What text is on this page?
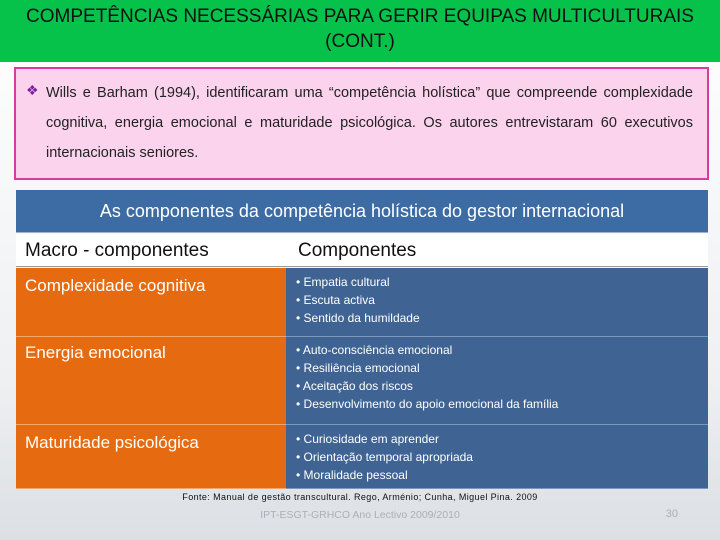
COMPETÊNCIAS NECESSÁRIAS PARA GERIR EQUIPAS MULTICULTURAIS
(CONT.)
❖ Wills e Barham (1994), identificaram uma “competência holística” que compreende complexidade cognitiva, energia emocional e maturidade psicológica. Os autores entrevistaram 60 executivos internacionais seniores.

As componentes da competência holística do gestor internacional
Macro - componentes	Componentes
Complexidade cognitiva	• Empatia cultural
• Escuta activa
• Sentido da humildade
Energia emocional	• Auto-consciência emocional
• Resiliência emocional
• Aceitação dos riscos
• Desenvolvimento do apoio emocional da família
Maturidade psicológica	• Curiosidade em aprender
• Orientação temporal apropriada
• Moralidade pessoal
Fonte: Manual de gestão transcultural. Rego, Arménio; Cunha, Miguel Pina. 2009
IPT-ESGT-GRHCO Ano Lectivo 2009/2010	30
